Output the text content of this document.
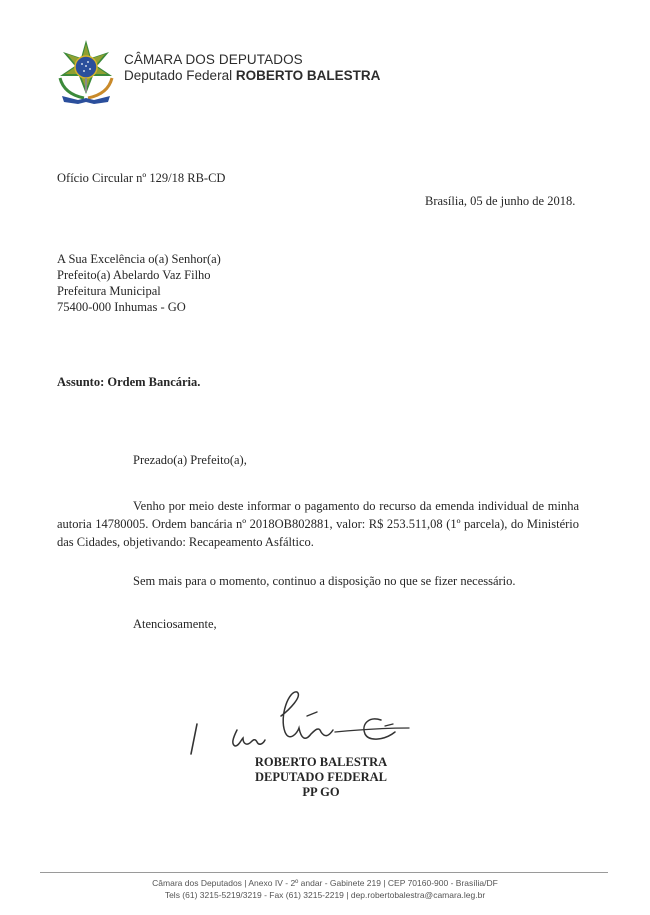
CÂMARA DOS DEPUTADOS
Deputado Federal ROBERTO BALESTRA
Ofício Circular nº 129/18 RB-CD
Brasília, 05 de junho de 2018.
A Sua Excelência o(a) Senhor(a)
Prefeito(a) Abelardo Vaz Filho
Prefeitura Municipal
75400-000 Inhumas - GO
Assunto: Ordem Bancária.
Prezado(a) Prefeito(a),
Venho por meio deste informar o pagamento do recurso da emenda individual de minha autoria 14780005. Ordem bancária nº 2018OB802881, valor: R$ 253.511,08 (1º parcela), do Ministério das Cidades, objetivando: Recapeamento Asfáltico.
Sem mais para o momento, continuo a disposição no que se fizer necessário.
Atenciosamente,
ROBERTO BALESTRA
DEPUTADO FEDERAL
PP GO
Câmara dos Deputados | Anexo IV - 2º andar - Gabinete 219 | CEP 70160-900 - Brasília/DF
Tels (61) 3215-5219/3219 - Fax (61) 3215-2219 | dep.robertobalestra@camara.leg.br
